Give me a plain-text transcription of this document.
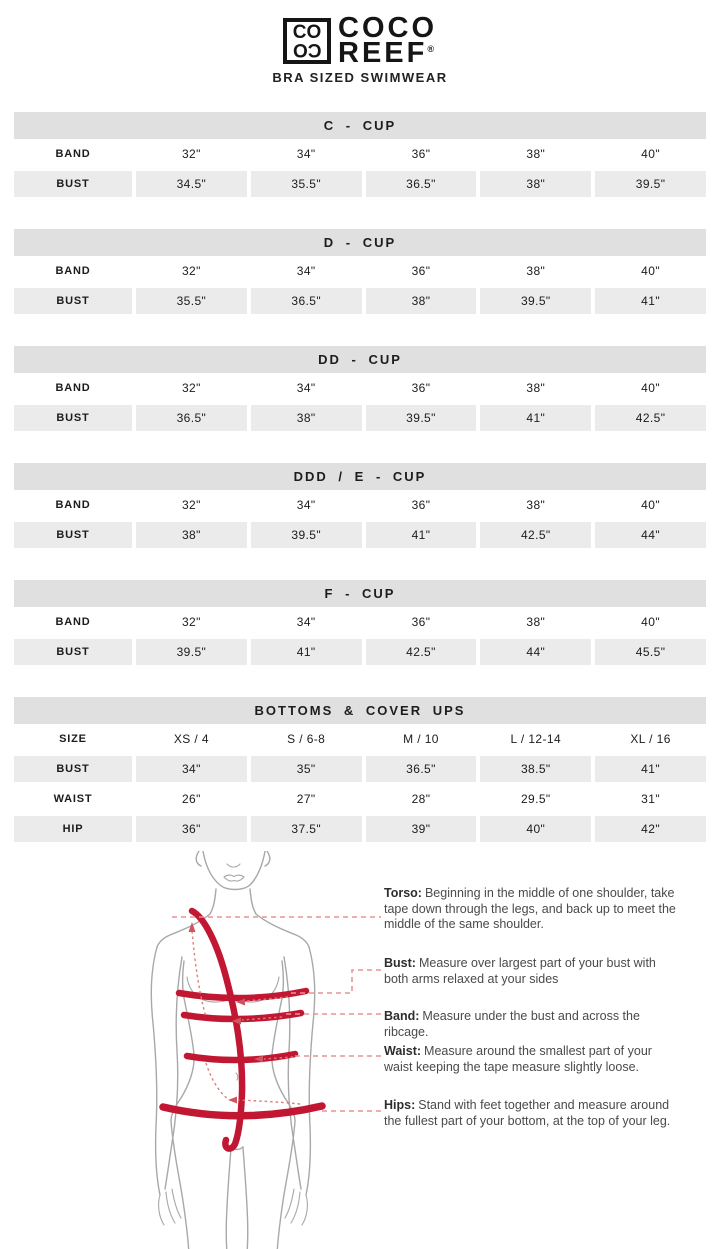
CO
CO
COCO
REEF®
BRA SIZED SWIMWEAR
C - CUP
BAND	32"	34"	36"	38"	40"
BUST	34.5"	35.5"	36.5"	38"	39.5"
D - CUP
BAND	32"	34"	36"	38"	40"
BUST	35.5"	36.5"	38"	39.5"	41"
DD - CUP
BAND	32"	34"	36"	38"	40"
BUST	36.5"	38"	39.5"	41"	42.5"
DDD / E - CUP
BAND	32"	34"	36"	38"	40"
BUST	38"	39.5"	41"	42.5"	44"
F - CUP
BAND	32"	34"	36"	38"	40"
BUST	39.5"	41"	42.5"	44"	45.5"
BOTTOMS & COVER UPS
SIZE	XS / 4	S / 6-8	M / 10	L / 12-14	XL / 16
BUST	34"	35"	36.5"	38.5"	41"
WAIST	26"	27"	28"	29.5"	31"
HIP	36"	37.5"	39"	40"	42"
Torso: Beginning in the middle of one shoulder, take tape down through the legs, and back up to meet the middle of the same shoulder.
Bust: Measure over largest part of your bust with both arms relaxed at your sides
Band: Measure under the bust and across the ribcage.
Waist: Measure around the smallest part of your waist keeping the tape measure slightly loose.
Hips: Stand with feet together and measure around the fullest part of your bottom, at the top of your leg.
